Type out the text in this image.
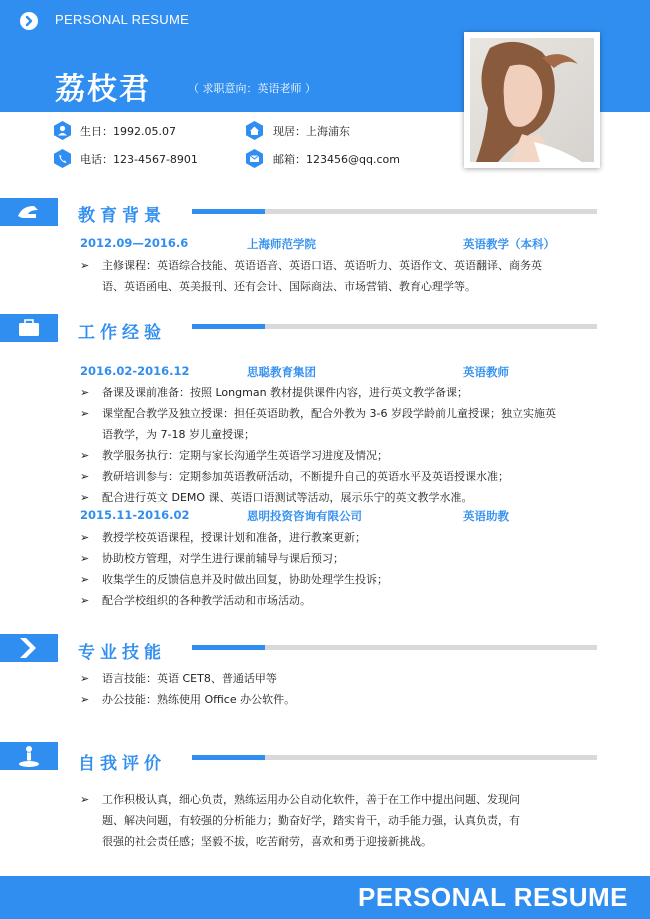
PERSONAL RESUME
荔枝君	（ 求职意向：英语老师 ）
生日：1992.05.07	现居：上海浦东
电话：123-4567-8901	邮箱：123456@qq.com
教育背景
2012.09—2016.6	上海师范学院	英语教学（本科）
➢	主修课程：英语综合技能、英语语音、英语口语、英语听力、英语作文、英语翻译、商务英
语、英语函电、英美报刊、还有会计、国际商法、市场营销、教育心理学等。
工作经验
2016.02-2016.12	思聪教育集团	英语教师
➢	备课及课前准备：按照 Longman 教材提供课件内容，进行英文教学备课；
➢	课堂配合教学及独立授课：担任英语助教，配合外教为 3-6 岁段学龄前儿童授课；独立实施英
语教学，为 7-18 岁儿童授课；
➢	教学服务执行：定期与家长沟通学生英语学习进度及情况；
➢	教研培训参与：定期参加英语教研活动，不断提升自己的英语水平及英语授课水准；
➢	配合进行英文 DEMO 课、英语口语测试等活动，展示乐宁的英文教学水准。
2015.11-2016.02	恩明投资咨询有限公司	英语助教
➢	教授学校英语课程，授课计划和准备，进行教案更新；
➢	协助校方管理，对学生进行课前辅导与课后预习；
➢	收集学生的反馈信息并及时做出回复，协助处理学生投诉；
➢	配合学校组织的各种教学活动和市场活动。
专业技能
➢	语言技能：英语 CET8、普通话甲等
➢	办公技能：熟练使用 Office 办公软件。
自我评价
➢	工作积极认真，细心负责，熟练运用办公自动化软件，善于在工作中提出问题、发现问
题、解决问题，有较强的分析能力；勤奋好学，踏实肯干，动手能力强，认真负责，有
很强的社会责任感；坚毅不拔，吃苦耐劳，喜欢和勇于迎接新挑战。
PERSONAL RESUME
